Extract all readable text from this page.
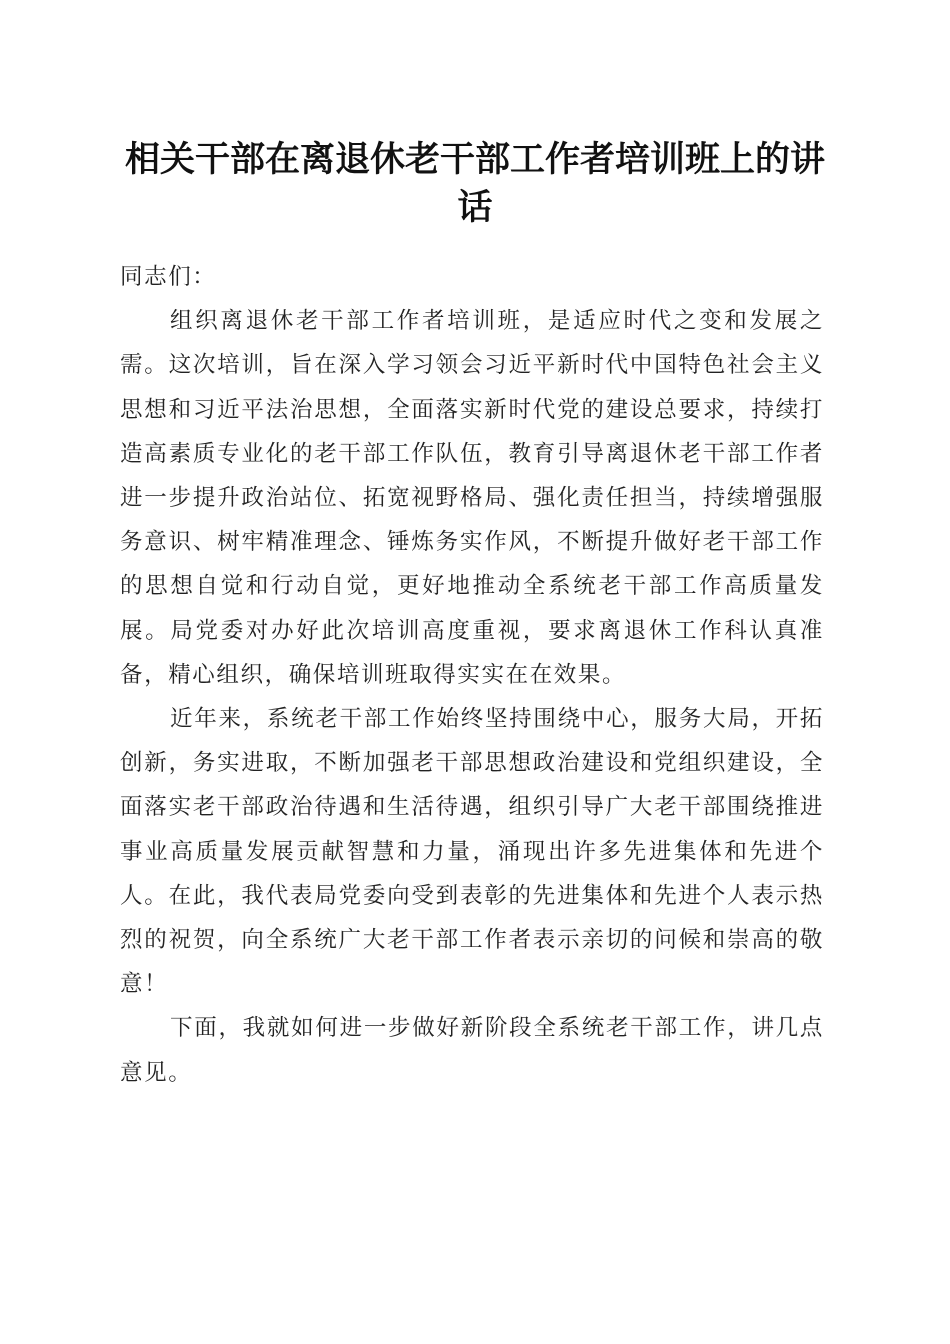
相关干部在离退休老干部工作者培训班上的讲话

同志们：

组织离退休老干部工作者培训班，是适应时代之变和发展之需。这次培训，旨在深入学习领会习近平新时代中国特色社会主义思想和习近平法治思想，全面落实新时代党的建设总要求，持续打造高素质专业化的老干部工作队伍，教育引导离退休老干部工作者进一步提升政治站位、拓宽视野格局、强化责任担当，持续增强服务意识、树牢精准理念、锤炼务实作风，不断提升做好老干部工作的思想自觉和行动自觉，更好地推动全系统老干部工作高质量发展。局党委对办好此次培训高度重视，要求离退休工作科认真准备，精心组织，确保培训班取得实实在在效果。

近年来，系统老干部工作始终坚持围绕中心，服务大局，开拓创新，务实进取，不断加强老干部思想政治建设和党组织建设，全面落实老干部政治待遇和生活待遇，组织引导广大老干部围绕推进事业高质量发展贡献智慧和力量，涌现出许多先进集体和先进个人。在此，我代表局党委向受到表彰的先进集体和先进个人表示热烈的祝贺，向全系统广大老干部工作者表示亲切的问候和崇高的敬意！

下面，我就如何进一步做好新阶段全系统老干部工作，讲几点意见。
